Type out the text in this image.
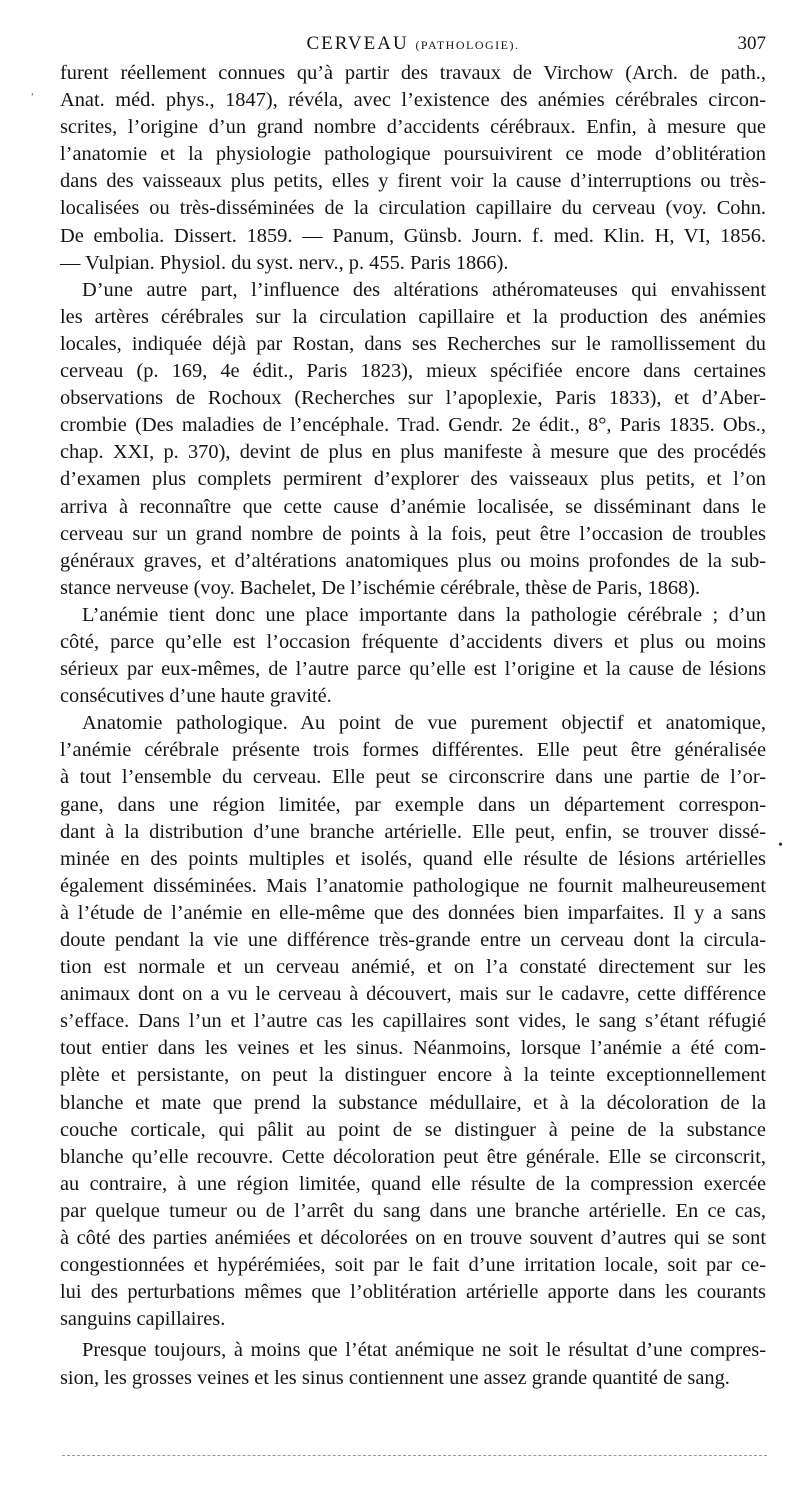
CERVEAU (PATHOLOGIE).	307
ʾ
•
furent réellement connues qu’à partir des travaux de Virchow (Arch. de path.,
Anat. méd. phys., 1847), révéla, avec l’existence des anémies cérébrales circon-
scrites, l’origine d’un grand nombre d’accidents cérébraux. Enfin, à mesure que
l’anatomie et la physiologie pathologique poursuivirent ce mode d’oblitération
dans des vaisseaux plus petits, elles y firent voir la cause d’interruptions ou très-
localisées ou très-disséminées de la circulation capillaire du cerveau (voy. Cohn.
De embolia. Dissert. 1859. — Panum, Günsb. Journ. f. med. Klin. H, VI, 1856.
— Vulpian. Physiol. du syst. nerv., p. 455. Paris 1866).
D’une autre part, l’influence des altérations athéromateuses qui envahissent
les artères cérébrales sur la circulation capillaire et la production des anémies
locales, indiquée déjà par Rostan, dans ses Recherches sur le ramollissement du
cerveau (p. 169, 4e édit., Paris 1823), mieux spécifiée encore dans certaines
observations de Rochoux (Recherches sur l’apoplexie, Paris 1833), et d’Aber-
crombie (Des maladies de l’encéphale. Trad. Gendr. 2e édit., 8°, Paris 1835. Obs.,
chap. XXI, p. 370), devint de plus en plus manifeste à mesure que des procédés
d’examen plus complets permirent d’explorer des vaisseaux plus petits, et l’on
arriva à reconnaître que cette cause d’anémie localisée, se disséminant dans le
cerveau sur un grand nombre de points à la fois, peut être l’occasion de troubles
généraux graves, et d’altérations anatomiques plus ou moins profondes de la sub-
stance nerveuse (voy. Bachelet, De l’ischémie cérébrale, thèse de Paris, 1868).
L’anémie tient donc une place importante dans la pathologie cérébrale ; d’un
côté, parce qu’elle est l’occasion fréquente d’accidents divers et plus ou moins
sérieux par eux-mêmes, de l’autre parce qu’elle est l’origine et la cause de lésions
consécutives d’une haute gravité.
Anatomie pathologique. Au point de vue purement objectif et anatomique,
l’anémie cérébrale présente trois formes différentes. Elle peut être généralisée
à tout l’ensemble du cerveau. Elle peut se circonscrire dans une partie de l’or-
gane, dans une région limitée, par exemple dans un département correspon-
dant à la distribution d’une branche artérielle. Elle peut, enfin, se trouver dissé-
minée en des points multiples et isolés, quand elle résulte de lésions artérielles
également disséminées. Mais l’anatomie pathologique ne fournit malheureusement
à l’étude de l’anémie en elle-même que des données bien imparfaites. Il y a sans
doute pendant la vie une différence très-grande entre un cerveau dont la circula-
tion est normale et un cerveau anémié, et on l’a constaté directement sur les
animaux dont on a vu le cerveau à découvert, mais sur le cadavre, cette différence
s’efface. Dans l’un et l’autre cas les capillaires sont vides, le sang s’étant réfugié
tout entier dans les veines et les sinus. Néanmoins, lorsque l’anémie a été com-
plète et persistante, on peut la distinguer encore à la teinte exceptionnellement
blanche et mate que prend la substance médullaire, et à la décoloration de la
couche corticale, qui pâlit au point de se distinguer à peine de la substance
blanche qu’elle recouvre. Cette décoloration peut être générale. Elle se circonscrit,
au contraire, à une région limitée, quand elle résulte de la compression exercée
par quelque tumeur ou de l’arrêt du sang dans une branche artérielle. En ce cas,
à côté des parties anémiées et décolorées on en trouve souvent d’autres qui se sont
congestionnées et hypérémiées, soit par le fait d’une irritation locale, soit par ce-
lui des perturbations mêmes que l’oblitération artérielle apporte dans les courants
sanguins capillaires.
Presque toujours, à moins que l’état anémique ne soit le résultat d’une compres-
sion, les grosses veines et les sinus contiennent une assez grande quantité de sang.
